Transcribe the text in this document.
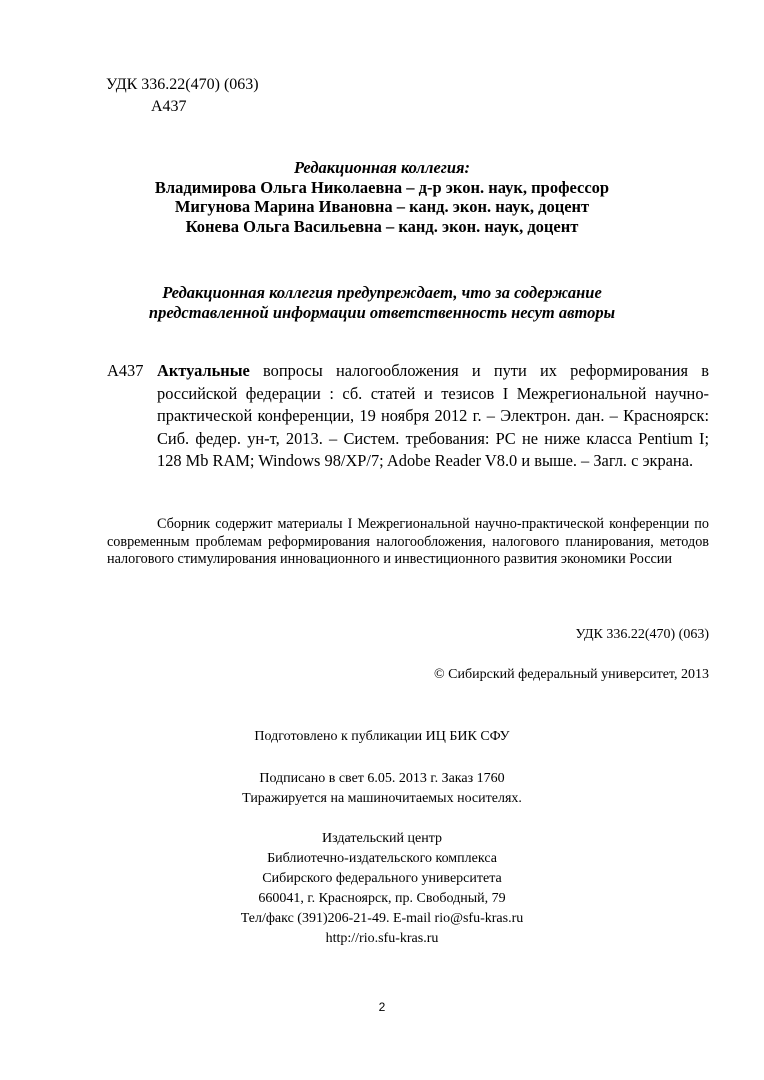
УДК 336.22(470) (063)
А437
Редакционная коллегия:
Владимирова Ольга Николаевна – д-р экон. наук, профессор
Мигунова Марина Ивановна – канд. экон. наук, доцент
Конева Ольга Васильевна – канд. экон. наук, доцент
Редакционная коллегия предупреждает, что за содержание
представленной информации ответственность несут авторы
А437 Актуальные вопросы налогообложения и пути их реформирования в российской федерации : сб. статей и тезисов I Межрегиональной научно-практической конференции, 19 ноября 2012 г. – Электрон. дан. – Красноярск: Сиб. федер. ун-т, 2013. – Систем. требования: PC не ниже класса Pentium I; 128 Mb RAM; Windows 98/XP/7; Adobe Reader V8.0 и выше. – Загл. с экрана.

Сборник содержит материалы I Межрегиональной научно-практической конференции по современным проблемам реформирования налогообложения, налогового планирования, методов налогового стимулирования инновационного и инвестиционного развития экономики России

УДК 336.22(470) (063)
© Сибирский федеральный университет, 2013
Подготовлено к публикации ИЦ БИК СФУ
Подписано в свет 6.05. 2013 г. Заказ 1760
Тиражируется на машиночитаемых носителях.
Издательский центр
Библиотечно-издательского комплекса
Сибирского федерального университета
660041, г. Красноярск, пр. Свободный, 79
Тел/факс (391)206-21-49. E-mail rio@sfu-kras.ru
http://rio.sfu-kras.ru
2
